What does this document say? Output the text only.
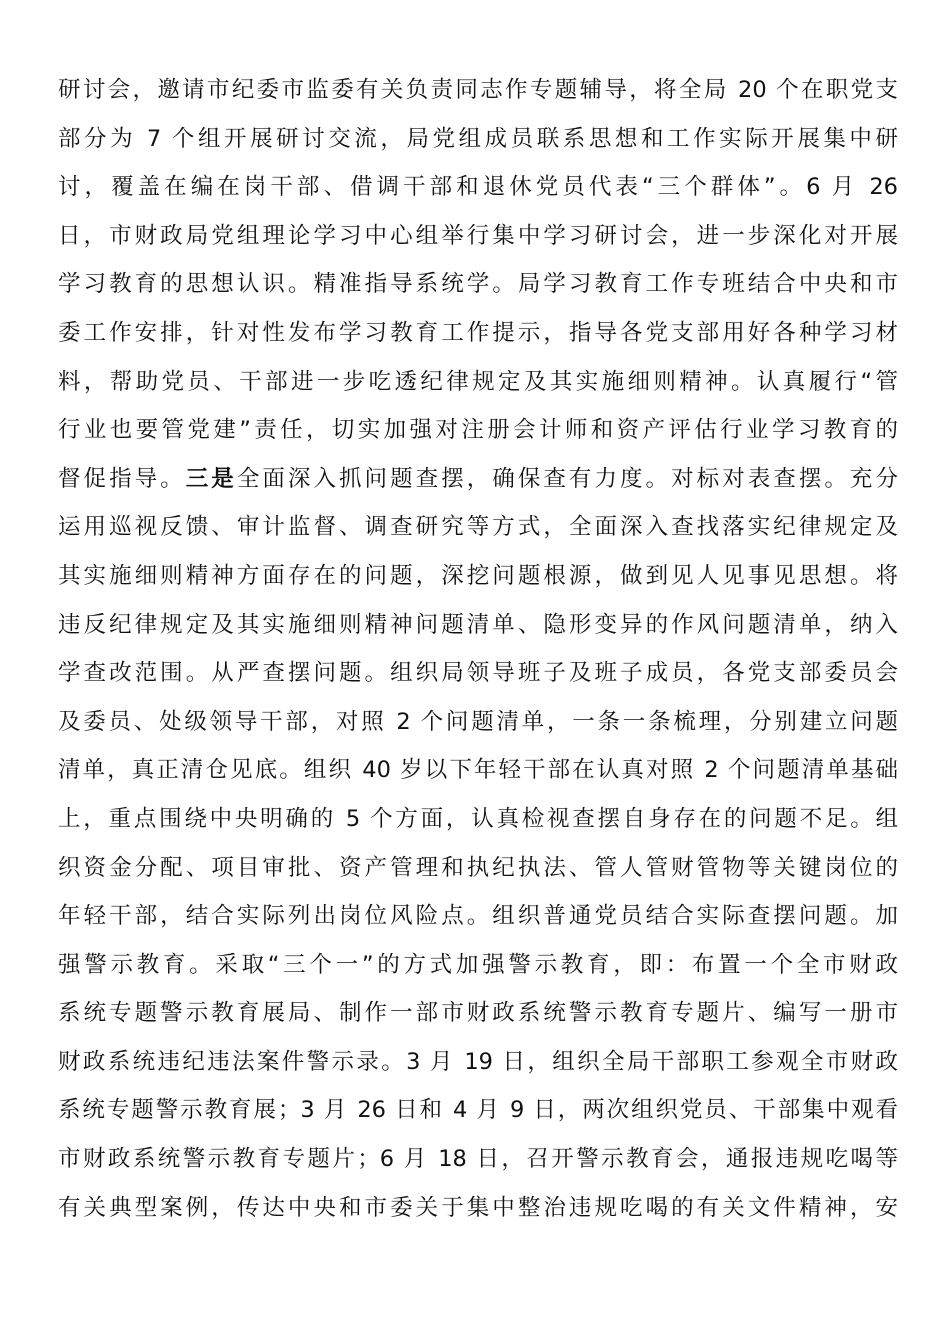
研讨会，邀请市纪委市监委有关负责同志作专题辅导，将全局 20 个在职党支
部分为 7 个组开展研讨交流，局党组成员联系思想和工作实际开展集中研
讨，覆盖在编在岗干部、借调干部和退休党员代表“三个群体”。6 月 26
日，市财政局党组理论学习中心组举行集中学习研讨会，进一步深化对开展
学习教育的思想认识。精准指导系统学。局学习教育工作专班结合中央和市
委工作安排，针对性发布学习教育工作提示，指导各党支部用好各种学习材
料，帮助党员、干部进一步吃透纪律规定及其实施细则精神。认真履行“管
行业也要管党建”责任，切实加强对注册会计师和资产评估行业学习教育的
督促指导。三是全面深入抓问题查摆，确保查有力度。对标对表查摆。充分
运用巡视反馈、审计监督、调查研究等方式，全面深入查找落实纪律规定及
其实施细则精神方面存在的问题，深挖问题根源，做到见人见事见思想。将
违反纪律规定及其实施细则精神问题清单、隐形变异的作风问题清单，纳入
学查改范围。从严查摆问题。组织局领导班子及班子成员，各党支部委员会
及委员、处级领导干部，对照 2 个问题清单，一条一条梳理，分别建立问题
清单，真正清仓见底。组织 40 岁以下年轻干部在认真对照 2 个问题清单基础
上，重点围绕中央明确的 5 个方面，认真检视查摆自身存在的问题不足。组
织资金分配、项目审批、资产管理和执纪执法、管人管财管物等关键岗位的
年轻干部，结合实际列出岗位风险点。组织普通党员结合实际查摆问题。加
强警示教育。采取“三个一”的方式加强警示教育，即：布置一个全市财政
系统专题警示教育展局、制作一部市财政系统警示教育专题片、编写一册市
财政系统违纪违法案件警示录。3 月 19 日，组织全局干部职工参观全市财政
系统专题警示教育展；3 月 26 日和 4 月 9 日，两次组织党员、干部集中观看
市财政系统警示教育专题片；6 月 18 日，召开警示教育会，通报违规吃喝等
有关典型案例，传达中央和市委关于集中整治违规吃喝的有关文件精神，安
